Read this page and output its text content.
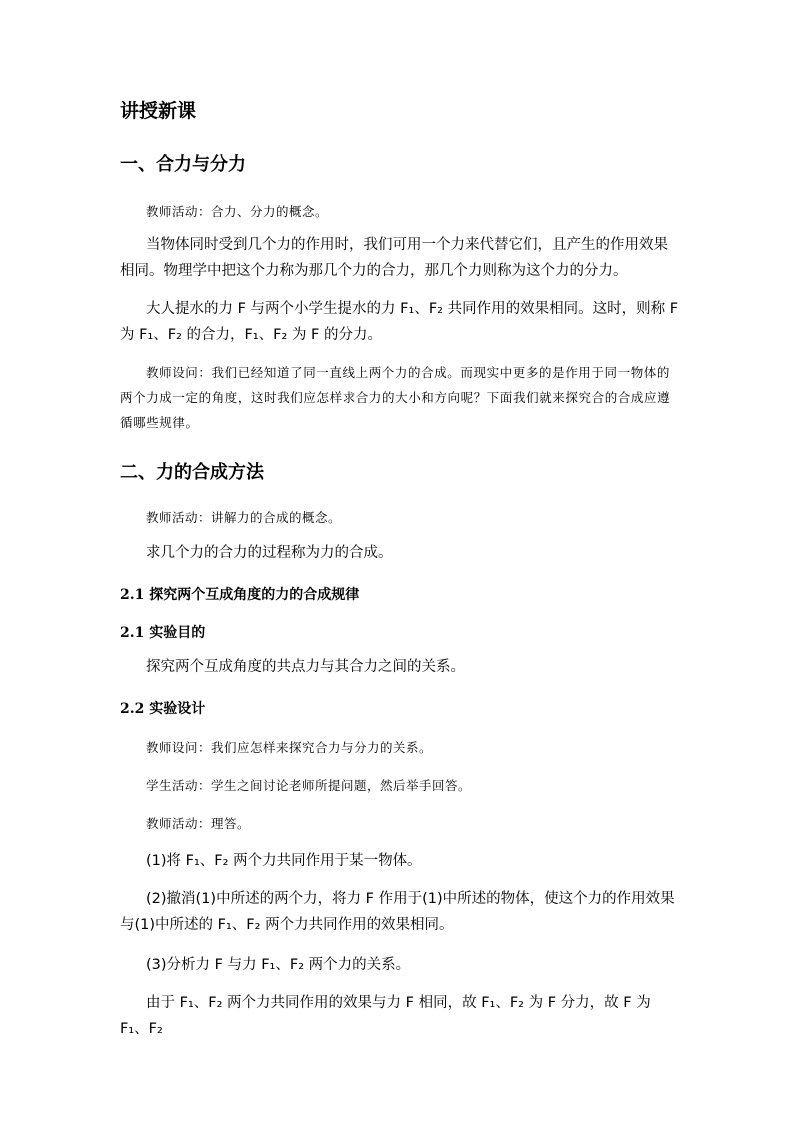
讲授新课
一、合力与分力
教师活动：合力、分力的概念。
当物体同时受到几个力的作用时，我们可用一个力来代替它们，且产生的作用效果相同。物理学中把这个力称为那几个力的合力，那几个力则称为这个力的分力。
大人提水的力 F 与两个小学生提水的力 F₁、F₂ 共同作用的效果相同。这时，则称 F 为 F₁、F₂ 的合力，F₁、F₂ 为 F 的分力。
教师设问：我们已经知道了同一直线上两个力的合成。而现实中更多的是作用于同一物体的两个力成一定的角度，这时我们应怎样求合力的大小和方向呢？下面我们就来探究合的合成应遵循哪些规律。
二、力的合成方法
教师活动：讲解力的合成的概念。
求几个力的合力的过程称为力的合成。
2.1 探究两个互成角度的力的合成规律
2.1 实验目的
探究两个互成角度的共点力与其合力之间的关系。
2.2 实验设计
教师设问：我们应怎样来探究合力与分力的关系。
学生活动：学生之间讨论老师所提问题，然后举手回答。
教师活动：理答。
(1)将 F₁、F₂ 两个力共同作用于某一物体。
(2)撤消(1)中所述的两个力，将力 F 作用于(1)中所述的物体，使这个力的作用效果与(1)中所述的 F₁、F₂ 两个力共同作用的效果相同。
(3)分析力 F 与力 F₁、F₂ 两个力的关系。
由于 F₁、F₂ 两个力共同作用的效果与力 F 相同，故 F₁、F₂ 为 F 分力，故 F 为 F₁、F₂
